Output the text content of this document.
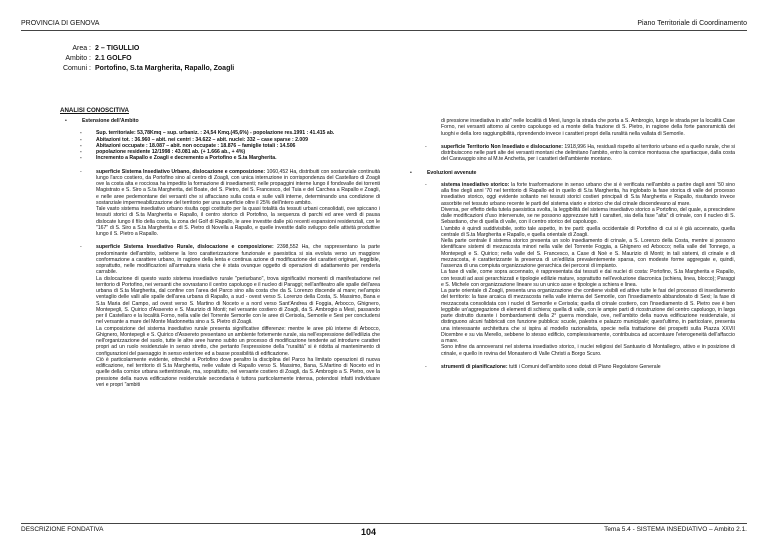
PROVINCIA DI GENOVA	Piano Territoriale di Coordinamento
Area : 2 – TIGULLIO
Ambito : 2.1 GOLFO
Comuni : Portofino, S.ta Margherita, Rapallo, Zoagli
ANALISI CONOSCITIVA
•	Estensione dell'Ambito
-	Sup. territoriale: 53,78Kmq – sup. urbaniz. : 24,54 Kmq.(45,6%) - popolazione res.1991 : 41.415 ab.
-	Abitazioni tot. : 36.960 – abit. nei centri : 34.622 – abit. nuclei: 332 – case sparse : 2.009
-	Abitazioni occupate : 18.087 – abit. non occupate : 18.876 – famiglie totali : 14.506
-	popolazione residente 12/1998 : 43.081 ab. (+ 1.666 ab., + 4%)
-	Incremento a Rapallo e Zoagli e decremento a Portofino e S.ta Margherita.
-	superficie Sistema Insediativo Urbano, dislocazione e composizione: 1060,452 Ha, distribuiti con sostanziale continuità lungo l'arco costiero, da Portofino sino al centro di Zoagli, con unica interruzione in corrispondenza del Castellaro di Zoagli ove la costa alta e rocciosa ha impedito la formazione di insediamenti; nelle propaggini interne lungo il fondovalle dei torrenti Magistrato e S. Siro a S.ta Margherita, del Boate, del S. Pietro, del S. Francesco, del Tuia e del Carchea a Rapallo e Zoagli, e nelle aree pedemontane dei versanti che si affacciano sulla costa e sulle valli interne, determinando una condizione di sostanziale impermeabilizzazione del territorio per una superficie oltre il 25% dell'intero ambito.
Tale vasto sistema insediativo urbano risulta oggi costituito per la quasi totalità da tessuti urbani consolidati, ove spiccano i tessuti storici di S.ta Margherita e Rapallo, il centro storico di Portofino, la sequenza di parchi ed aree verdi di pausa dislocate lungo il filo della costa, la zona del Golf di Rapallo, le aree investite dalle più recenti espansioni residenziali, con le "167" di S. Siro a S.ta Margherita e di S. Pietro di Novella a Rapallo, e quelle investite dallo sviluppo delle attività produttive lungo il S. Pietro a Rapallo.
-	superficie Sistema Insediativo Rurale, dislocazione e composizione: 2398,552 Ha, che rappresentano la parte predominante dell'ambito, sebbene la loro caratterizzazione funzionale e paesistica si sia evoluta verso un maggiore conformazione a carattere urbano, in ragione della lenta e continua azione di modificazione dei caratteri originari, leggibile, soprattutto, nelle modificazioni all'armatura viaria che è stata ovunque oggetto di operazioni di adattamento per renderla carrabile.
La dislocazione di questo vasto sistema insediativo rurale "periurbano", trova significativi momenti di manifestazione nel territorio di Portofino, nei versanti che sovrastano il centro capoluogo e il nucleo di Paraggi; nell'anfiteatro alle spalle dell'area urbana di S.ta Margherita, dal confine con l'area del Parco sino alla costa che da S. Lorenzo discende al mare; nel'ampio ventaglio delle valli alle spalle dell'area urbana di Rapallo, a sud - ovest verso S. Lorenzo della Costa, S. Massimo, Bana e S.ta Maria del Campo, ad ovest verso S. Martino di Noceto e a nord verso Sant'Andrea di Foggia, Arbocco, Ghignero, Montepegli, S. Quirico d'Assereto e S. Maurizio di Monti; nel versante costiero di Zoagli, da S. Ambrogio a Mexi, passando per il Castellaro e la località Forno, nella valle del Torrente Semorile con le aree di Cerisola, Semorile e Sexi per concludersi nel versante a mare del Monte Madonnetta sino a S. Pietro di Zoagli.
La composizione del sistema insediativo rurale presenta significative differenze: mentre le aree più interne di Arbocco, Ghignero, Montepegli e S. Quirico d'Assereto presentano un ambiente fortemente rurale, sia nell'espressione dell'edilizia che nell'organizzazione del suolo, tutte le altre aree hanno subito un processo di modificazione tendente ad introdurre caratteri propri ad un ruolo residenziale in senso stretto, che pertanto l'espressione della "ruralità" si è ridotta al mantenimento di configurazioni del paesaggio in senso esteriore ed a basse possibilità di edificazione.
Ciò è particolarmente evidente, ottreché a Portofino dove peraltro la disciplina del Parco ha limitato operazioni di nuova edificazione, nel territorio di S.ta Margherita, nelle vallate di Rapallo verso S. Massimo, Bana, S.Martino di Noceto ed in quelle della cornice urbana settentrionale, ma, soprattutto, nel versante costiero di Zoagli, da S. Ambrogio a S. Pietro, ove la pressione della nuova edificazione residenziale secondaria è tuttora particolarmente intensa, potendosi infatti individuare veri e propri "ambiti
di pressione insediativa in atto" nelle località di Mexi, lungo la strada che porta a S. Ambrogio, lungo le strada per la località Case Forno, nei versanti attorno al centro capoluogo ed a monte della frazione di S. Pietro, in ragione della forte panoramicità dei luoghi e della loro raggiungibilità, riprendendo invece i caratteri propri della ruralità nella vallata di Semorile.
-	superficie Territorio Non Insediato e dislocazione: 1918,996 Ha, residuali rispetto al territorio urbano ed a quello rurale, che si distribuiscono nelle parti alte dei versanti montani che delimitano l'ambito, entro la cornice montuosa che spartiacque, dalla costa del Caravaggio sino al M.te Anchetta, per i caratteri dell'ambiente montano.
•	Evoluzioni avvenute
-	sistema insediativo storico: la forte trasformazione in senso urbano che si è verificata nell'ambito a partire dagli anni '50 sino alla fine degli anni '70 nel territorio di Rapallo ed in quello di S.ta Margherita, ha inglobato la fase storica di valle del processo insediativo storico, oggi evidente soltanto nei tessuti storici costieri principali di S.ta Margherita e Rapallo, risultando invece assorbite nel tessuto urbano recente le parti del sistema viario e storico che dal crinale discendevano al mare.
Diversa, per effetto della tutela paesistica svolta, la leggibilità del sistema insediativo storico a Portofino, del quale, a prescindere dalle modificazioni d'uso intervenute, se ne possono apprezzare tutti i caratteri, sia della fase "alta" di crinale, con il nucleo di S. Sebastiano, che di quella di valle, con il centro storico del capoluogo.
L'ambito è quindi suddivisibile, sotto tale aspetto, in tre parti: quella occidentale di Portofino di cui si è già accennato, quella centrale di S.ta Margherita e Rapallo, e quella orientale di Zoagli.
Nella parte centrale il sistema storico presenta un solo insediamento di crinale, a S. Lorenzo della Costa, mentre si possono identificare sistemi di mezzacosta minori nella valle del Torrente Foggia, a Ghignero ed Arbocco; nella valle del Tonnego, a Montepegli e S. Quirico; nella valle del S. Francesco, a Case di Noè e S. Maurizio di Monti; in tali sistemi, di crinale e di mezzacosta, è caratterizzante la presenza di un'edilizia prevalentemente sparsa, con modeste forme aggregate e, quindi, l'assenza di una compiuta organizzazione gerarchica dei percorsi di impianto.
La fase di valle, come sopra accennato, è rappresentata dai tessuti e dai nuclei di costa: Portofino, S.ta Margherita e Rapallo, con tessuti ad assi gerarchizzati e tipologie edilizie mature, soprattutto nell'evoluzione diacronica (schiera, linea, blocco); Paraggi e S. Michele con organizzazione lineare su un unico asse e tipologie a schiera e linea.
La parte orientale di Zoagli, presenta una organizzazione che contiene visibili ed attive tutte le fasi del processo di insediamento del territorio: la fase arcaica di mezzacosta nella valle interna del Semorile, con l'insediamento abbandonato di Sexi; la fase di mezzacosta consolidata con i nuclei di Semorile e Cerisola; quella di crinale costiero, con l'insediamento di S. Pietro ove è ben leggibile un'aggregazione di elementi di schiera; quella di valle, con le ampie parti di ricostruzione del centro capoluogo, in larga parte distrutto durante i bombardamenti della 2° guerra mondiale, ove, nell'ambito della nuova edificazione residenziale, si distinguono alcuni fabbricati con funzione pubblica: scuole, palestra e palazzo municipale; quest'ultimo, in particolare, presenta una interessante architettura che si ispira al modello razionalista, specie nella trattazione dei prospetti sulla Piazza XXVII Dicembre e su via Merello, sebbene lo stesso edificio, complessivamente, contribuisca ad accentuare l'eterogeneità dell'affaccio a mare.
Sono infine da annoverarsi nel sistema insediativo storico, i nuclei religiosi del Santuario di Montallegro, attivo e in posizione di crinale, e quello in rovina del Monastero di Valle Christi a Borgo Scuro.
-	strumenti di pianificazione: tutti i Comuni dell'ambito sono dotati di Piano Regolatore Generale
DESCRIZIONE FONDATIVA	104	Tema 5.4 - SISTEMA INSEDIATIVO – Ambito 2.1.
